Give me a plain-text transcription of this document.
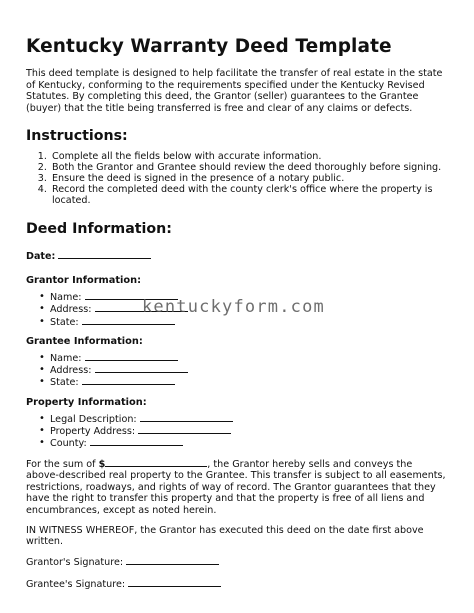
Kentucky Warranty Deed Template

This deed template is designed to help facilitate the transfer of real estate in the state of Kentucky, conforming to the requirements specified under the Kentucky Revised Statutes. By completing this deed, the Grantor (seller) guarantees to the Grantee (buyer) that the title being transferred is free and clear of any claims or defects.

Instructions:
1. Complete all the fields below with accurate information.
2. Both the Grantor and Grantee should review the deed thoroughly before signing.
3. Ensure the deed is signed in the presence of a notary public.
4. Record the completed deed with the county clerk's office where the property is located.
Deed Information:

Date:

Grantor Information:
• Name:
• Address:
• State:
Grantee Information:
• Name:
• Address:
• State:
Property Information:
• Legal Description:
• Property Address:
• County:

For the sum of $	, the Grantor hereby sells and conveys the above-described real property to the Grantee. This transfer is subject to all easements, restrictions, roadways, and rights of way of record. The Grantor guarantees that they have the right to transfer this property and that the property is free of all liens and encumbrances, except as noted herein.

IN WITNESS WHEREOF, the Grantor has executed this deed on the date first above written.

Grantor's Signature:

Grantee's Signature:

kentuckyform.com
